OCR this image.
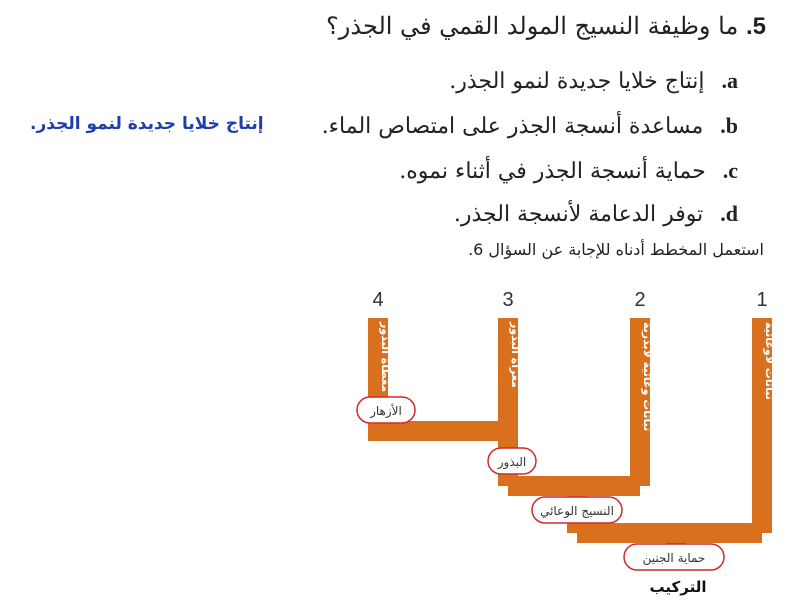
5. ما وظيفة النسيج المولد القمي في الجذر؟
a. إنتاج خلايا جديدة لنمو الجذر.
b. مساعدة أنسجة الجذر على امتصاص الماء.
c. حماية أنسجة الجذر في أثناء نموه.
d. توفر الدعامة لأنسجة الجذر.
إنتاج خلايا جديدة لنمو الجذر.
استعمل المخطط أدناه للإجابة عن السؤال 6.
4	3	2	1
مغطاة البذور	معراة البذور	نباتات وعائية لابذرية	نباتات لاوعائية
الأزهار
البذور
النسيج الوعائي
حماية الجنين
التركيب
